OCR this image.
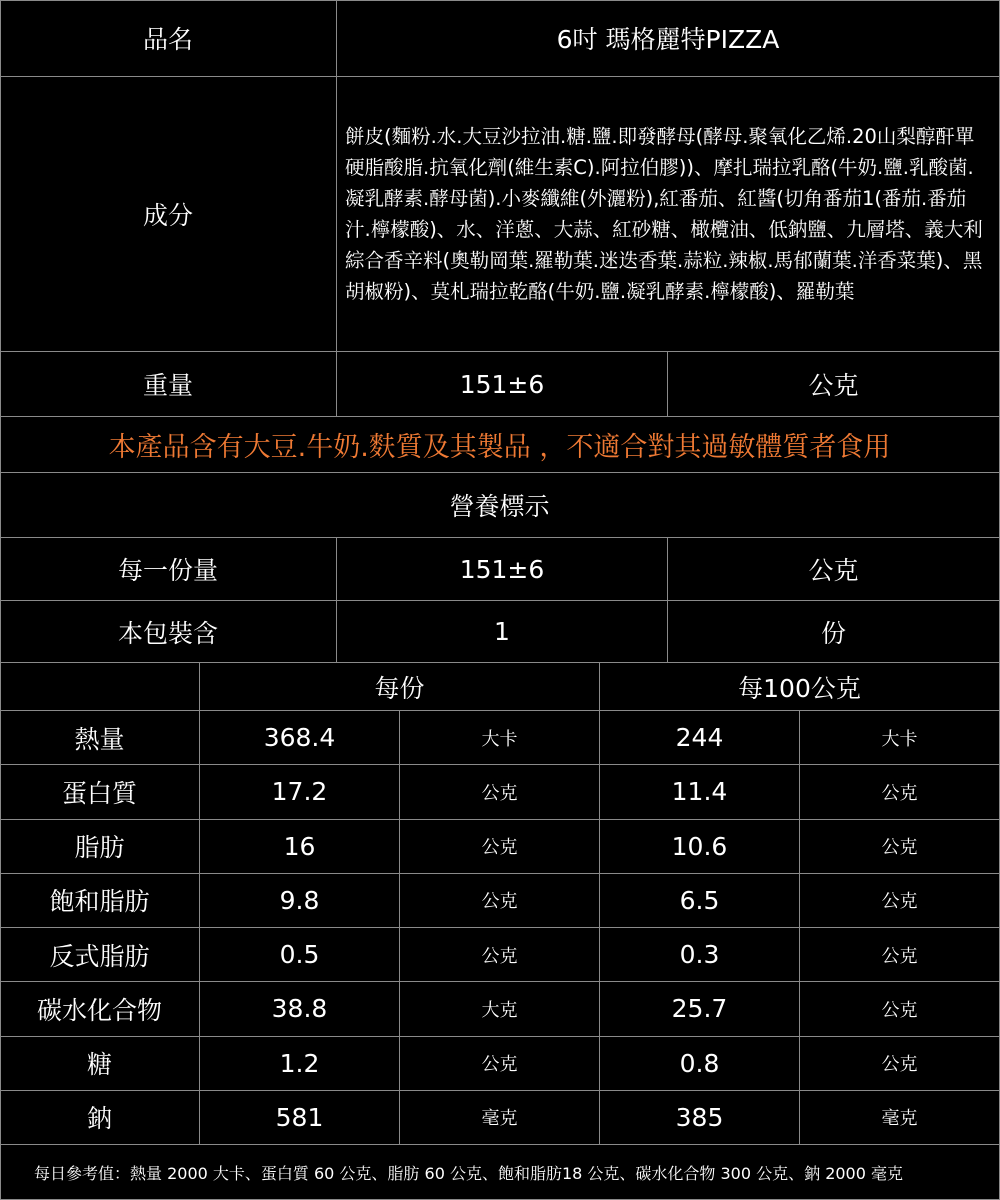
品名	6吋 瑪格麗特PIZZA
成分
餅皮(麵粉.水.大豆沙拉油.糖.鹽.即發酵母(酵母.聚氧化乙烯.20山梨醇酐單硬脂酸脂.抗氧化劑(維生素C).阿拉伯膠))、摩扎瑞拉乳酪(牛奶.鹽.乳酸菌.凝乳酵素.酵母菌).小麥纖維(外灑粉),紅番茄、紅醬(切角番茄1(番茄.番茄汁.檸檬酸)、水、洋蔥、大蒜、紅砂糖、橄欖油、低鈉鹽、九層塔、義大利綜合香辛料(奧勒岡葉.羅勒葉.迷迭香葉.蒜粒.辣椒.馬郁蘭葉.洋香菜葉)、黑胡椒粉)、莫札瑞拉乾酪(牛奶.鹽.凝乳酵素.檸檬酸)、羅勒葉
重量	151±6	公克
本產品含有大豆.牛奶.麩質及其製品 ，不適合對其過敏體質者食用
營養標示
每一份量	151±6	公克
本包裝含	1	份
每份	每100公克
熱量	368.4	大卡	244	大卡
蛋白質	17.2	公克	11.4	公克
脂肪	16	公克	10.6	公克
飽和脂肪	9.8	公克	6.5	公克
反式脂肪	0.5	公克	0.3	公克
碳水化合物	38.8	大克	25.7	公克
糖	1.2	公克	0.8	公克
鈉	581	毫克	385	毫克
每日參考值：熱量 2000 大卡、蛋白質 60 公克、脂肪 60 公克、飽和脂肪18 公克、碳水化合物 300 公克、鈉 2000 毫克
